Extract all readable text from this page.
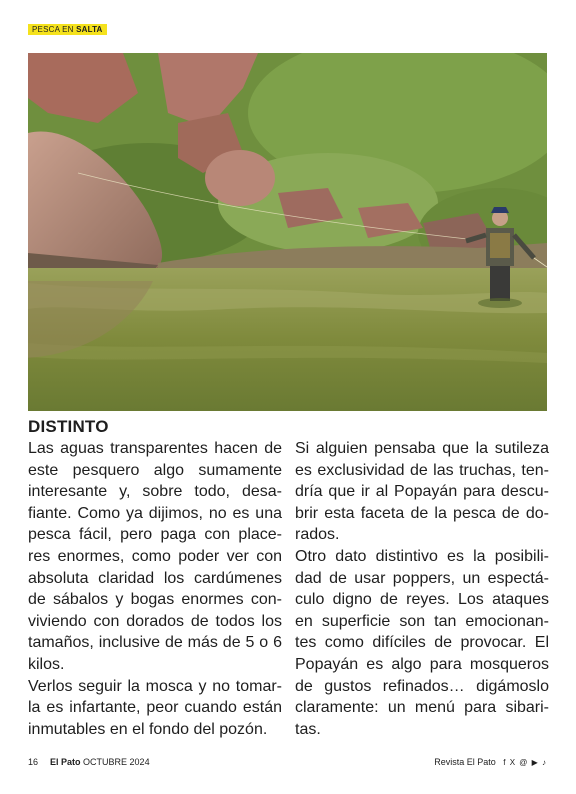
PESCA EN SALTA
DISTINTO
Las aguas transparentes hacen de
este pesquero algo sumamente
interesante y, sobre todo, desa-
fiante. Como ya dijimos, no es una
pesca fácil, pero paga con place-
res enormes, como poder ver con
absoluta claridad los cardúmenes
de sábalos y bogas enormes con-
viviendo con dorados de todos los
tamaños, inclusive de más de 5 o 6
kilos.
Verlos seguir la mosca y no tomar-
la es infartante, peor cuando están
inmutables en el fondo del pozón.
Si alguien pensaba que la sutileza
es exclusividad de las truchas, ten-
dría que ir al Popayán para descu-
brir esta faceta de la pesca de do-
rados.
Otro dato distintivo es la posibili-
dad de usar poppers, un espectá-
culo digno de reyes. Los ataques
en superficie son tan emocionan-
tes como difíciles de provocar. El
Popayán es algo para mosqueros
de gustos refinados… digámoslo
claramente: un menú para sibari-
tas.
16 El Pato OCTUBRE 2024	Revista El Pato f X @ ▶ ♪
